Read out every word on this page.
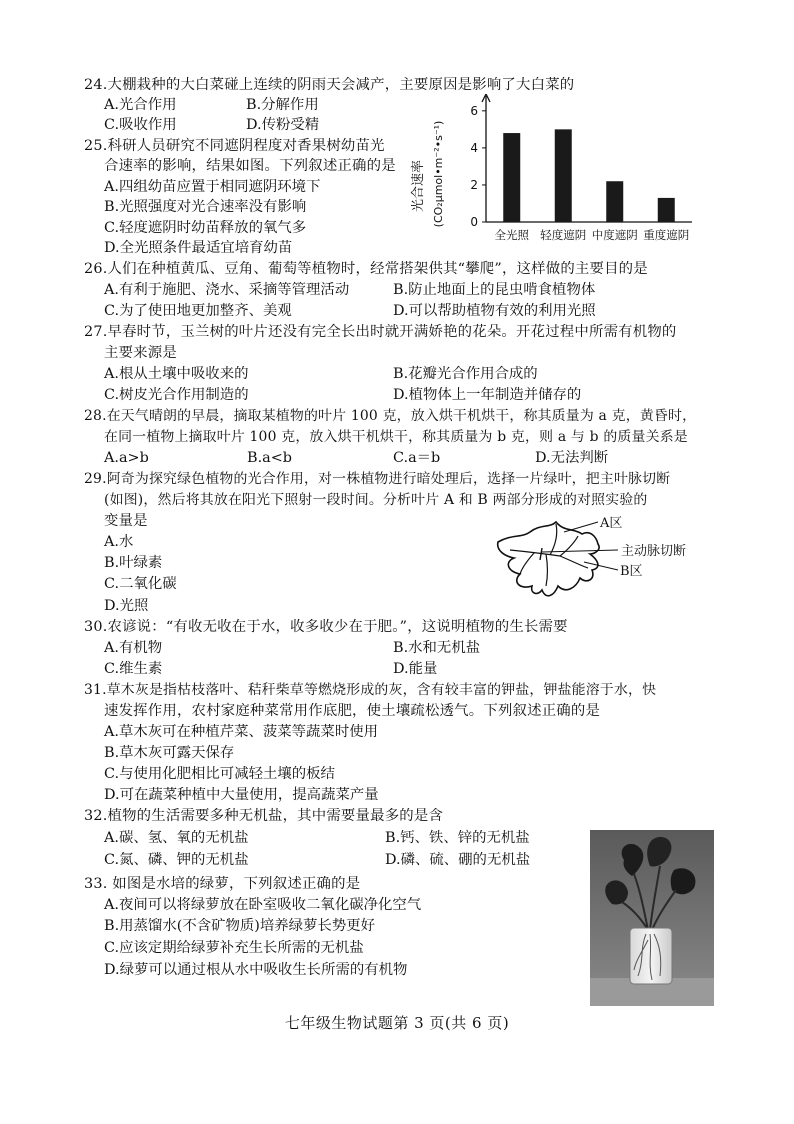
24.大棚栽种的大白菜碰上连续的阴雨天会减产，主要原因是影响了大白菜的
A.光合作用	B.分解作用
C.吸收作用	D.传粉受精
25.科研人员研究不同遮阴程度对香果树幼苗光
合速率的影响，结果如图。下列叙述正确的是
A.四组幼苗应置于相同遮阴环境下
B.光照强度对光合速率没有影响
C.轻度遮阴时幼苗释放的氧气多
D.全光照条件最适宜培育幼苗
0
2
4
6
全光照 轻度遮阴 中度遮阴 重度遮阴
光合速率 (CO₂μmol•m⁻²•s⁻¹)
26.人们在种植黄瓜、豆角、葡萄等植物时，经常搭架供其“攀爬”，这样做的主要目的是
A.有利于施肥、浇水、采摘等管理活动	B.防止地面上的昆虫啃食植物体
C.为了使田地更加整齐、美观	D.可以帮助植物有效的利用光照
27.早春时节，玉兰树的叶片还没有完全长出时就开满娇艳的花朵。开花过程中所需有机物的
主要来源是
A.根从土壤中吸收来的	B.花瓣光合作用合成的
C.树皮光合作用制造的	D.植物体上一年制造并储存的
28.在天气晴朗的早晨，摘取某植物的叶片 100 克，放入烘干机烘干，称其质量为 a 克，黄昏时，
在同一植物上摘取叶片 100 克，放入烘干机烘干，称其质量为 b 克，则 a 与 b 的质量关系是
A.a>b	B.a<b	C.a＝b	D.无法判断
29.阿奇为探究绿色植物的光合作用，对一株植物进行暗处理后，选择一片绿叶，把主叶脉切断
(如图)，然后将其放在阳光下照射一段时间。分析叶片 A 和 B 两部分形成的对照实验的
变量是
A.水
B.叶绿素
C.二氧化碳
D.光照
A区
主动脉切断
B区
30.农谚说：“有收无收在于水，收多收少在于肥。”，这说明植物的生长需要
A.有机物	B.水和无机盐
C.维生素	D.能量
31.草木灰是指枯枝落叶、秸秆柴草等燃烧形成的灰，含有较丰富的钾盐，钾盐能溶于水，快
速发挥作用，农村家庭种菜常用作底肥，使土壤疏松透气。下列叙述正确的是
A.草木灰可在种植芹菜、菠菜等蔬菜时使用
B.草木灰可露天保存
C.与使用化肥相比可减轻土壤的板结
D.可在蔬菜种植中大量使用，提高蔬菜产量
32.植物的生活需要多种无机盐，其中需要量最多的是含
A.碳、氢、氧的无机盐	B.钙、铁、锌的无机盐
C.氮、磷、钾的无机盐	D.磷、硫、硼的无机盐
33. 如图是水培的绿萝，下列叙述正确的是
A.夜间可以将绿萝放在卧室吸收二氧化碳净化空气
B.用蒸馏水(不含矿物质)培养绿萝长势更好
C.应该定期给绿萝补充生长所需的无机盐
D.绿萝可以通过根从水中吸收生长所需的有机物
七年级生物试题第 3 页(共 6 页)
